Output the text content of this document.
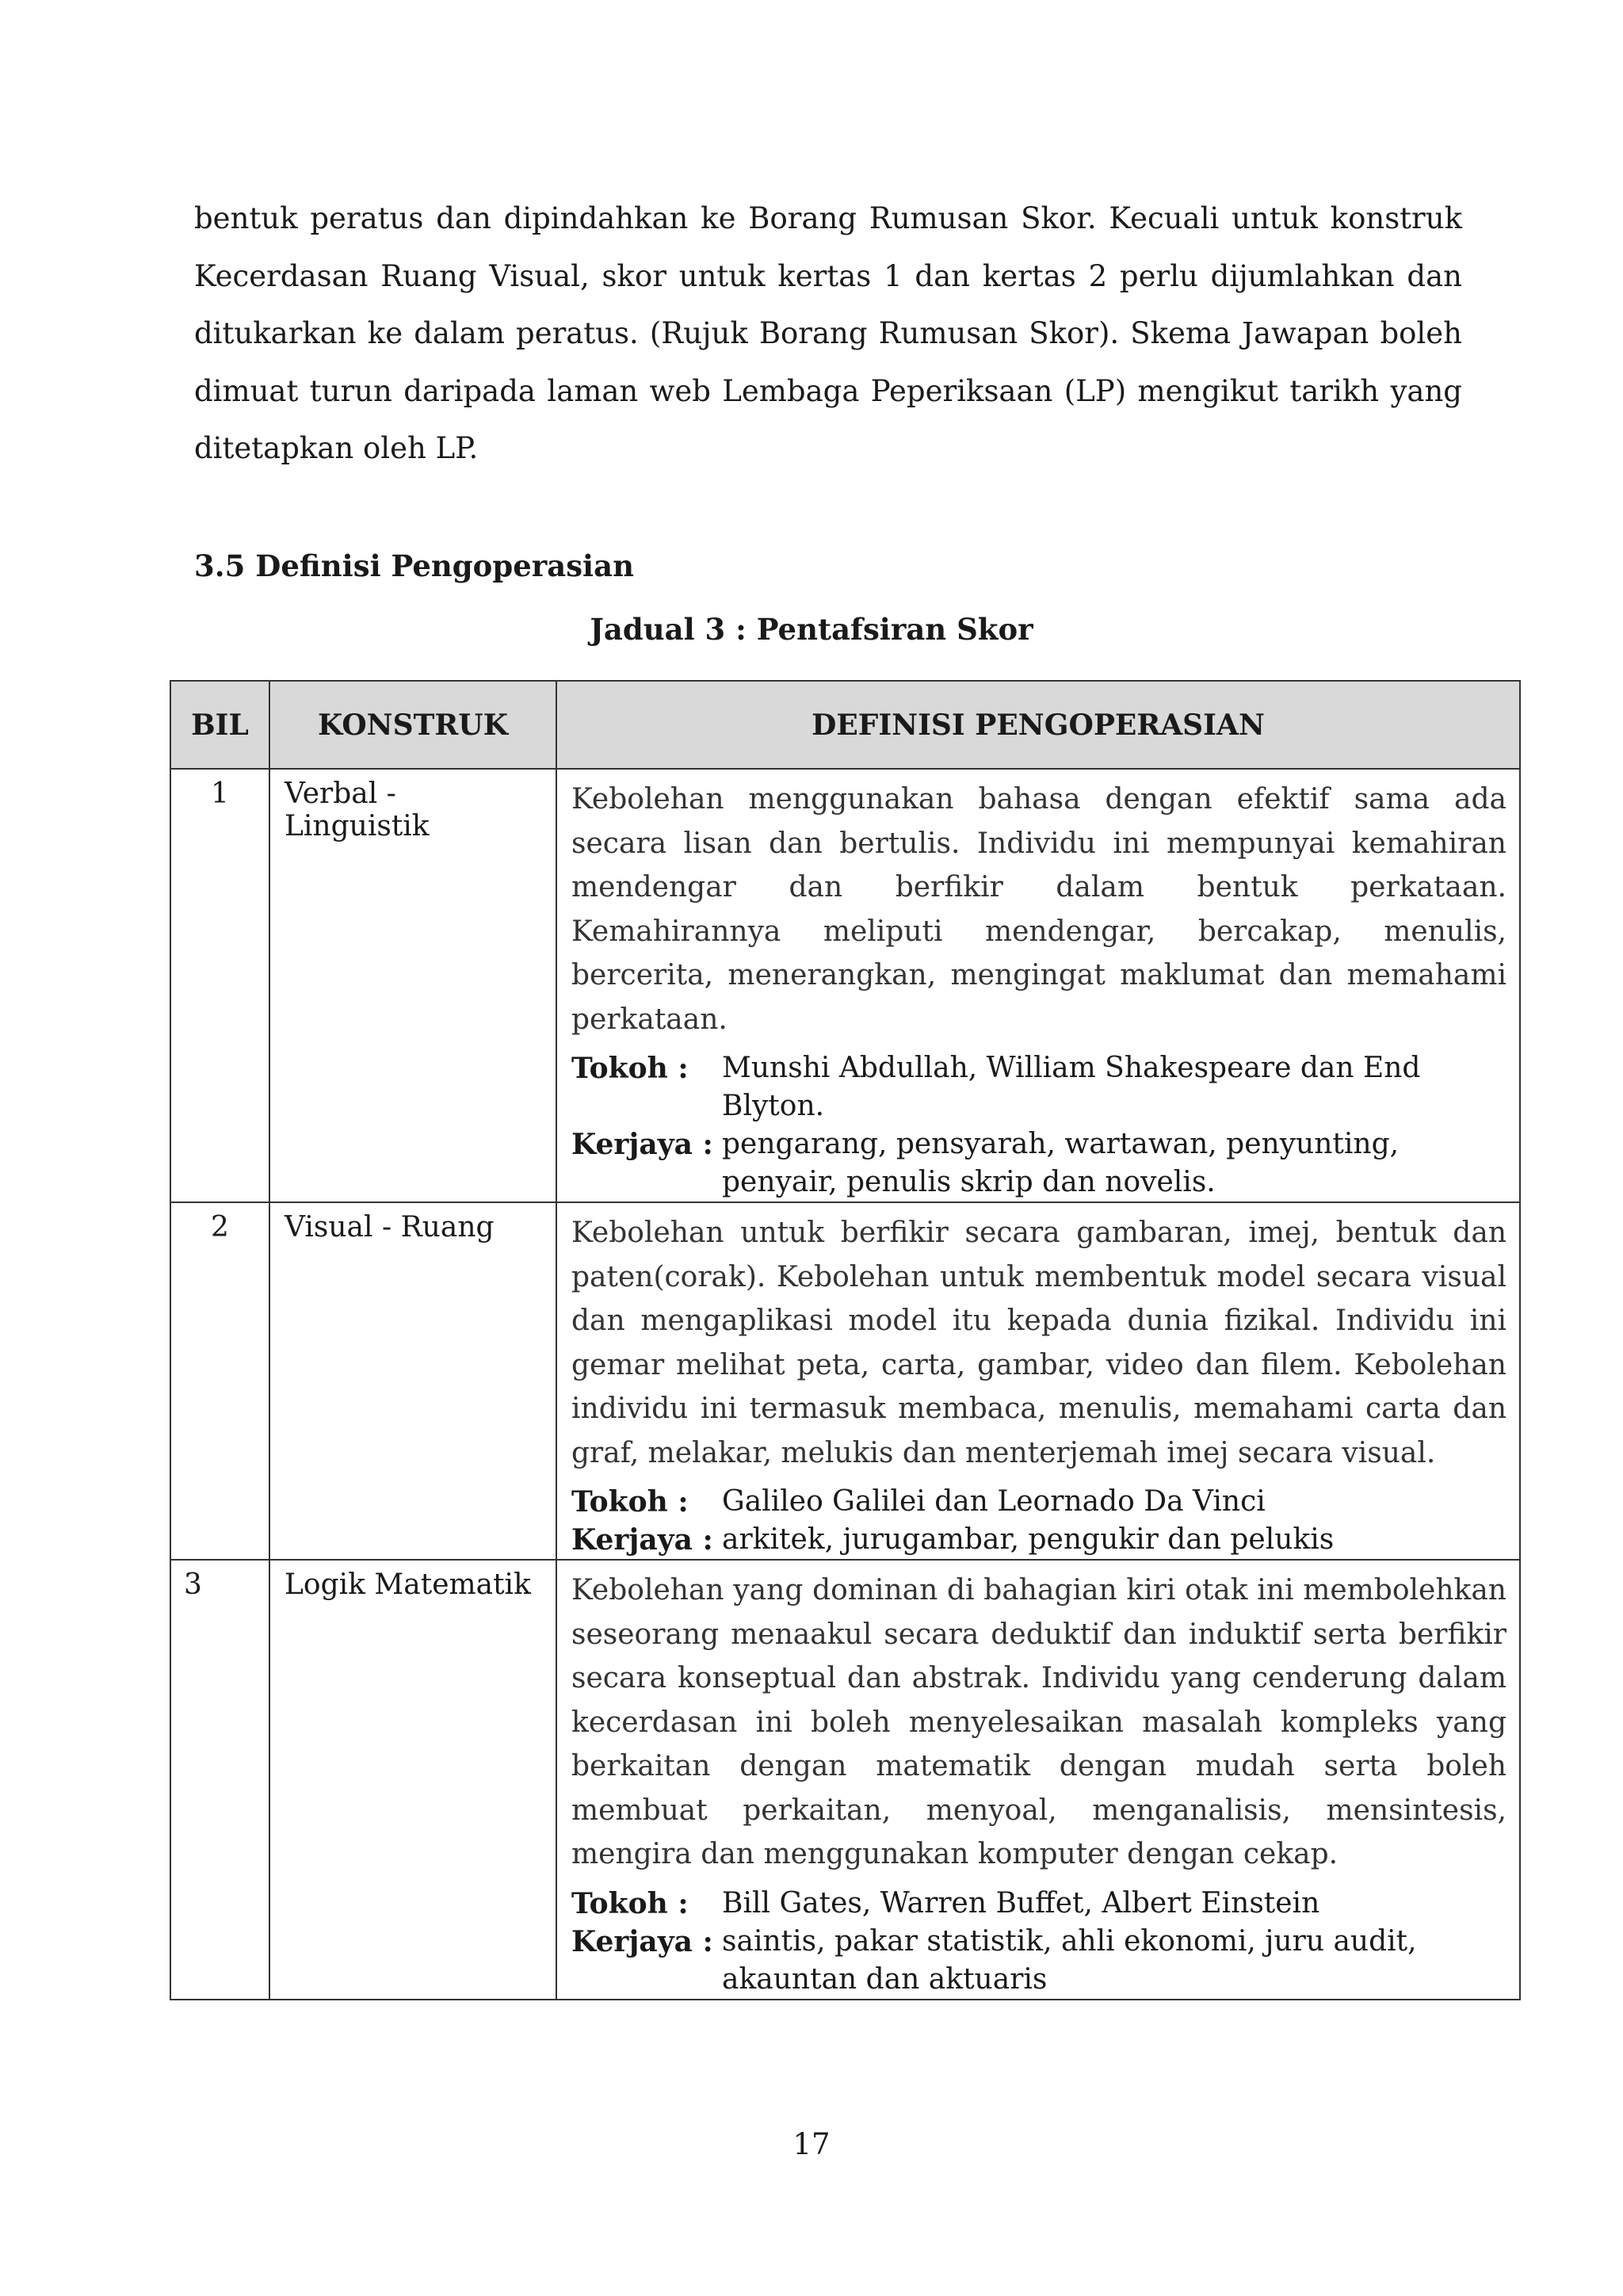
bentuk peratus dan dipindahkan ke Borang Rumusan Skor. Kecuali untuk konstruk Kecerdasan Ruang Visual, skor untuk kertas 1 dan kertas 2 perlu dijumlahkan dan ditukarkan ke dalam peratus. (Rujuk Borang Rumusan Skor). Skema Jawapan boleh dimuat turun daripada laman web Lembaga Peperiksaan (LP) mengikut tarikh yang ditetapkan oleh LP.

3.5 Definisi Pengoperasian

Jadual 3 : Pentafsiran Skor

BIL	KONSTRUK	DEFINISI PENGOPERASIAN
1	Verbal - Linguistik	Kebolehan menggunakan bahasa dengan efektif sama ada secara lisan dan bertulis. Individu ini mempunyai kemahiran mendengar dan berfikir dalam bentuk perkataan. Kemahirannya meliputi mendengar, bercakap, menulis, bercerita, menerangkan, mengingat maklumat dan memahami perkataan.

Tokoh : Munshi Abdullah, William Shakespeare dan End Blyton.
Kerjaya : pengarang, pensyarah, wartawan, penyunting, penyair, penulis skrip dan novelis.

2	Visual - Ruang	Kebolehan untuk berfikir secara gambaran, imej, bentuk dan paten(corak). Kebolehan untuk membentuk model secara visual dan mengaplikasi model itu kepada dunia fizikal. Individu ini gemar melihat peta, carta, gambar, video dan filem. Kebolehan individu ini termasuk membaca, menulis, memahami carta dan graf, melakar, melukis dan menterjemah imej secara visual.

Tokoh : Galileo Galilei dan Leornado Da Vinci
Kerjaya : arkitek, jurugambar, pengukir dan pelukis

3	Logik Matematik	Kebolehan yang dominan di bahagian kiri otak ini membolehkan seseorang menaakul secara deduktif dan induktif serta berfikir secara konseptual dan abstrak. Individu yang cenderung dalam kecerdasan ini boleh menyelesaikan masalah kompleks yang berkaitan dengan matematik dengan mudah serta boleh membuat perkaitan, menyoal, menganalisis, mensintesis, mengira dan menggunakan komputer dengan cekap.

Tokoh : Bill Gates, Warren Buffet, Albert Einstein
Kerjaya : saintis, pakar statistik, ahli ekonomi, juru audit, akauntan dan aktuaris

17
